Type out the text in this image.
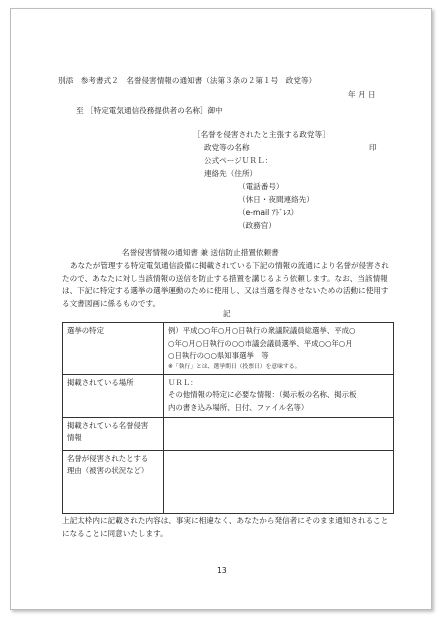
別添　参考書式２　名誉侵害情報の通知書（法第３条の２第１号　政党等）
年 月 日
至 ［特定電気通信役務提供者の名称］御中
［名誉を侵害されたと主張する政党等］
政党等の名称	印
公式ページＵＲＬ：
連絡先（住所）
（電話番号）
（休日・夜間連絡先）
（e-mail ｱﾄﾞﾚｽ）
（政務官）
名誉侵害情報の通知書 兼 送信防止措置依頼書
あなたが管理する特定電気通信設備に掲載されている下記の情報の流通により名誉が侵害されたので、あなたに対し当該情報の送信を防止する措置を講じるよう依頼します。なお、当該情報は、下記に特定する選挙の選挙運動のために使用し、又は当選を得させないための活動に使用する文書図画に係るものです。
記
選挙の特定	例）平成○○年○月○日執行の衆議院議員総選挙、平成○
○年○月○日執行の○○市議会議員選挙、平成○○年○月
○日執行の○○県知事選挙　等
※「執行」とは、選挙期日（投票日）を意味する。

掲載されている場所	ＵＲＬ：
その他情報の特定に必要な情報：（掲示板の名称、掲示板
内の書き込み場所、日付、ファイル名等）

掲載されている名誉侵害
情報	

名誉が侵害されたとする
理由（被害の状況など）	

上記太枠内に記載された内容は、事実に相違なく、あなたから発信者にそのまま通知されることになることに同意いたします。
13
